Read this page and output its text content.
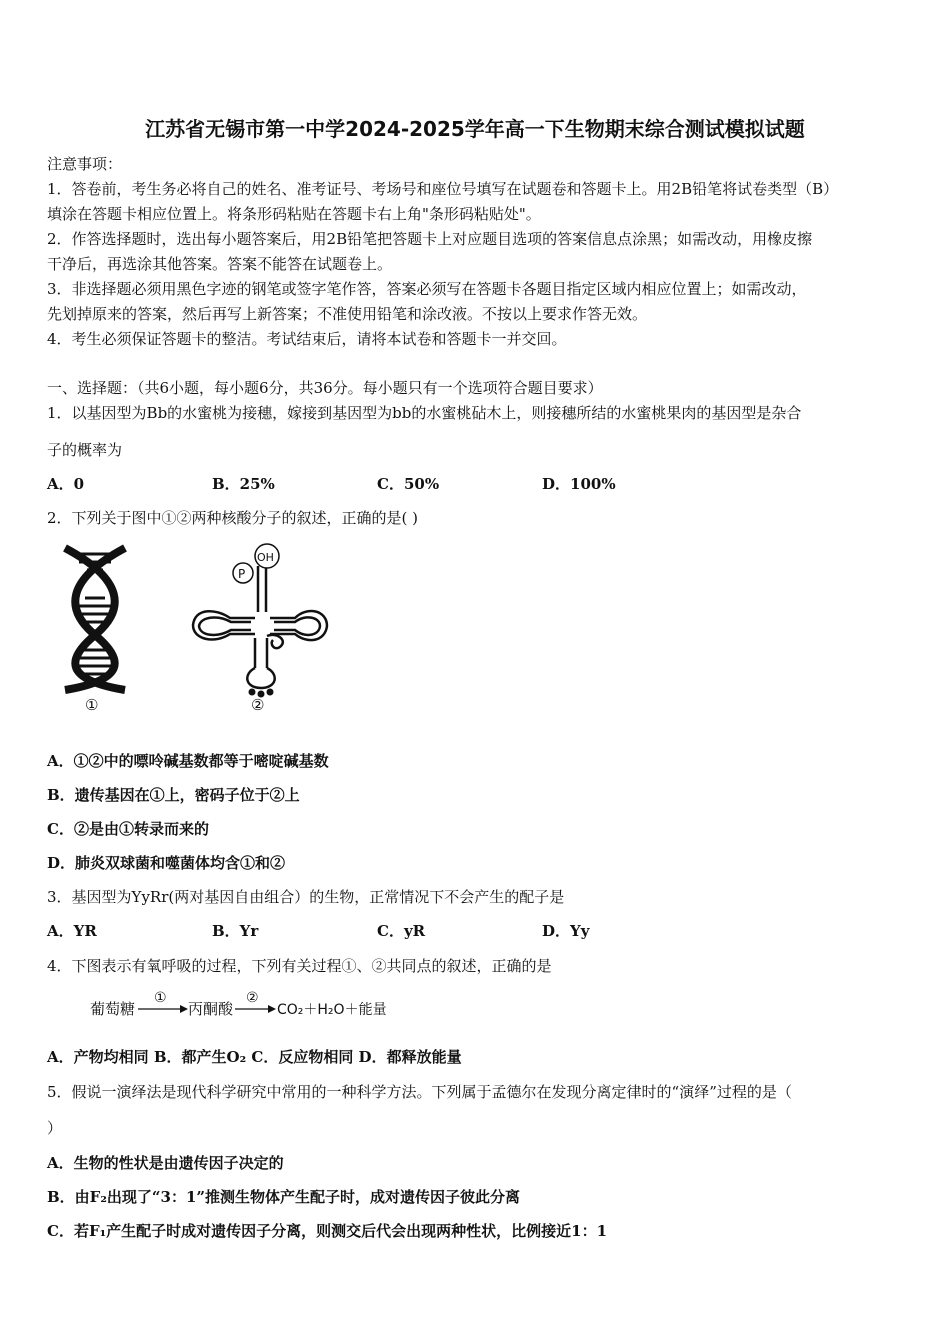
江苏省无锡市第一中学2024-2025学年高一下生物期末综合测试模拟试题
注意事项：
1．答卷前，考生务必将自己的姓名、准考证号、考场号和座位号填写在试题卷和答题卡上。用2B铅笔将试卷类型（B）
填涂在答题卡相应位置上。将条形码粘贴在答题卡右上角"条形码粘贴处"。
2．作答选择题时，选出每小题答案后，用2B铅笔把答题卡上对应题目选项的答案信息点涂黑；如需改动，用橡皮擦
干净后，再选涂其他答案。答案不能答在试题卷上。
3．非选择题必须用黑色字迹的钢笔或签字笔作答，答案必须写在答题卡各题目指定区域内相应位置上；如需改动，
先划掉原来的答案，然后再写上新答案；不准使用铅笔和涂改液。不按以上要求作答无效。
4．考生必须保证答题卡的整洁。考试结束后，请将本试卷和答题卡一并交回。
一、选择题：（共6小题，每小题6分，共36分。每小题只有一个选项符合题目要求）
1．以基因型为Bb的水蜜桃为接穗，嫁接到基因型为bb的水蜜桃砧木上，则接穗所结的水蜜桃果肉的基因型是杂合
子的概率为
A．0	B．25%	C．50%	D．100%
2．下列关于图中①②两种核酸分子的叙述，正确的是( )
①
P
OH
②
A．①②中的嘌呤碱基数都等于嘧啶碱基数
B．遗传基因在①上，密码子位于②上
C．②是由①转录而来的
D．肺炎双球菌和噬菌体均含①和②
3．基因型为YyRr(两对基因自由组合）的生物，正常情况下不会产生的配子是
A．YR	B．Yr	C．yR	D．Yy
4．下图表示有氧呼吸的过程，下列有关过程①、②共同点的叙述，正确的是
葡萄糖
①
丙酮酸
②
CO₂＋H₂O＋能量
A．产物均相同 B．都产生O₂ C．反应物相同 D．都释放能量
5．假说一演绎法是现代科学研究中常用的一种科学方法。下列属于孟德尔在发现分离定律时的“演绎”过程的是（
）
A．生物的性状是由遗传因子决定的
B．由F₂出现了“3：1”推测生物体产生配子时，成对遗传因子彼此分离
C．若F₁产生配子时成对遗传因子分离，则测交后代会出现两种性状，比例接近1：1
